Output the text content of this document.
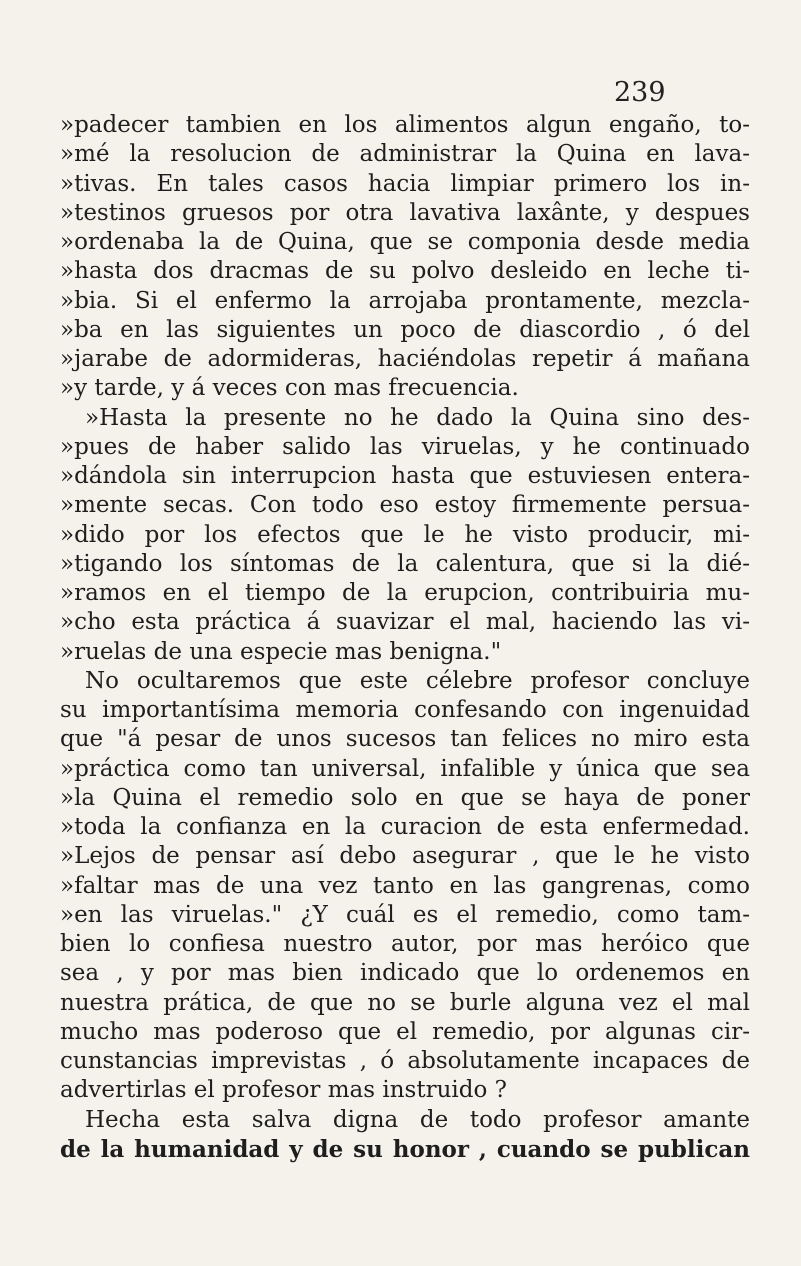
239
»padecer tambien en los alimentos algun engaño, to-
»mé la resolucion de administrar la Quina en lava-
»tivas. En tales casos hacia limpiar primero los in-
»testinos gruesos por otra lavativa laxânte, y despues
»ordenaba la de Quina, que se componia desde media
»hasta dos dracmas de su polvo desleido en leche ti-
»bia. Si el enfermo la arrojaba prontamente, mezcla-
»ba en las siguientes un poco de diascordio , ó del
»jarabe de adormideras, haciéndolas repetir á mañana
»y tarde, y á veces con mas frecuencia.
»Hasta la presente no he dado la Quina sino des-
»pues de haber salido las viruelas, y he continuado
»dándola sin interrupcion hasta que estuviesen entera-
»mente secas. Con todo eso estoy firmemente persua-
»dido por los efectos que le he visto producir, mi-
»tigando los síntomas de la calentura, que si la dié-
»ramos en el tiempo de la erupcion, contribuiria mu-
»cho esta práctica á suavizar el mal, haciendo las vi-
»ruelas de una especie mas benigna."
No ocultaremos que este célebre profesor concluye
su importantísima memoria confesando con ingenuidad
que "á pesar de unos sucesos tan felices no miro esta
»práctica como tan universal, infalible y única que sea
»la Quina el remedio solo en que se haya de poner
»toda la confianza en la curacion de esta enfermedad.
»Lejos de pensar así debo asegurar , que le he visto
»faltar mas de una vez tanto en las gangrenas, como
»en las viruelas." ¿Y cuál es el remedio, como tam-
bien lo confiesa nuestro autor, por mas heróico que
sea , y por mas bien indicado que lo ordenemos en
nuestra prática, de que no se burle alguna vez el mal
mucho mas poderoso que el remedio, por algunas cir-
cunstancias imprevistas , ó absolutamente incapaces de
advertirlas el profesor mas instruido ?
Hecha esta salva digna de todo profesor amante
de la humanidad y de su honor , cuando se publican
